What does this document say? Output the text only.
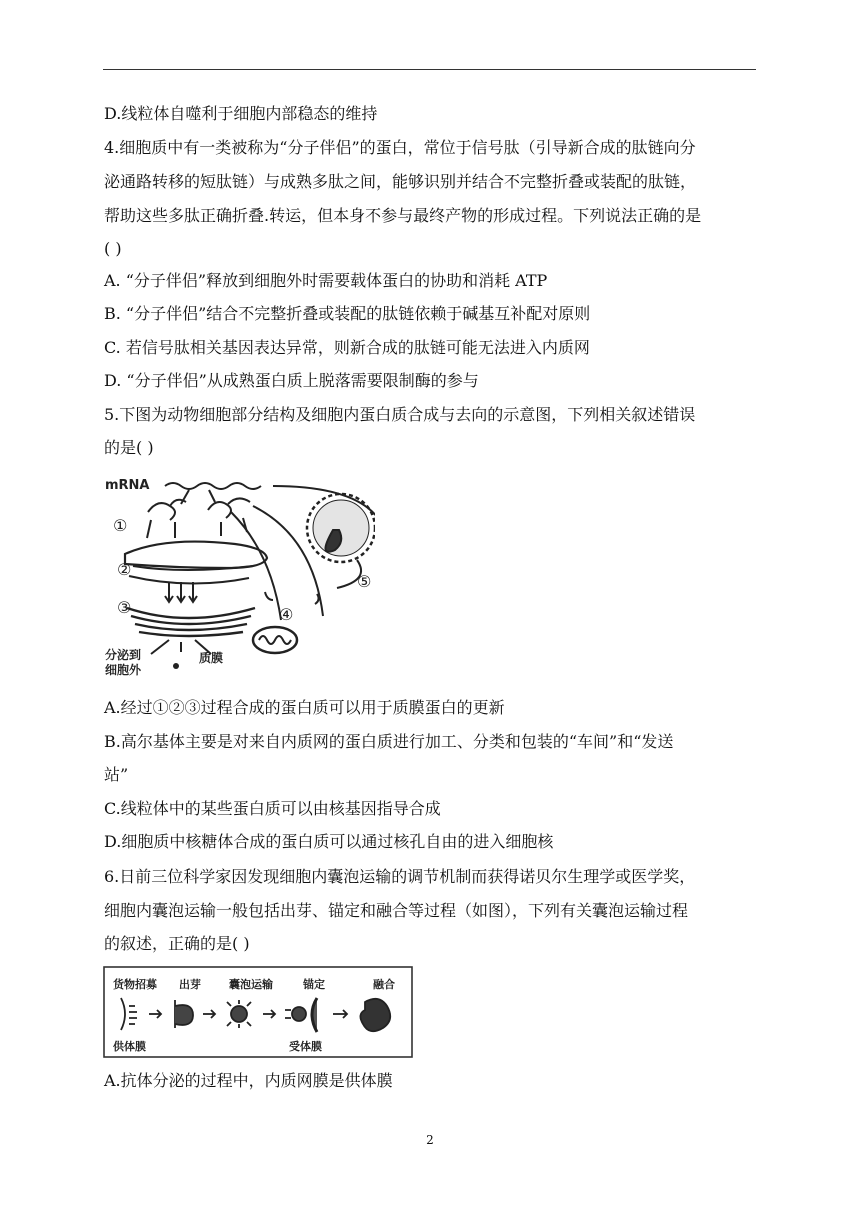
D.线粒体自噬利于细胞内部稳态的维持
4.细胞质中有一类被称为“分子伴侣”的蛋白，常位于信号肽（引导新合成的肽链向分
泌通路转移的短肽链）与成熟多肽之间，能够识别并结合不完整折叠或装配的肽链，
帮助这些多肽正确折叠.转运，但本身不参与最终产物的形成过程。下列说法正确的是
( )
A. “分子伴侣”释放到细胞外时需要载体蛋白的协助和消耗 ATP
B. “分子伴侣”结合不完整折叠或装配的肽链依赖于碱基互补配对原则
C. 若信号肽相关基因表达异常，则新合成的肽链可能无法进入内质网
D. “分子伴侣”从成熟蛋白质上脱落需要限制酶的参与
5.下图为动物细胞部分结构及细胞内蛋白质合成与去向的示意图，下列相关叙述错误
的是( )
mRNA
①
②
③	④
⑤
分泌到
细胞外
质膜
A.经过①②③过程合成的蛋白质可以用于质膜蛋白的更新
B.高尔基体主要是对来自内质网的蛋白质进行加工、分类和包装的“车间”和“发送
站”
C.线粒体中的某些蛋白质可以由核基因指导合成
D.细胞质中核糖体合成的蛋白质可以通过核孔自由的进入细胞核
6.日前三位科学家因发现细胞内囊泡运输的调节机制而获得诺贝尔生理学或医学奖，
细胞内囊泡运输一般包括出芽、锚定和融合等过程（如图），下列有关囊泡运输过程
的叙述，正确的是( )
货物招募 出芽	囊泡运输	锚定	融合
供体膜	受体膜
A.抗体分泌的过程中，内质网膜是供体膜
2
